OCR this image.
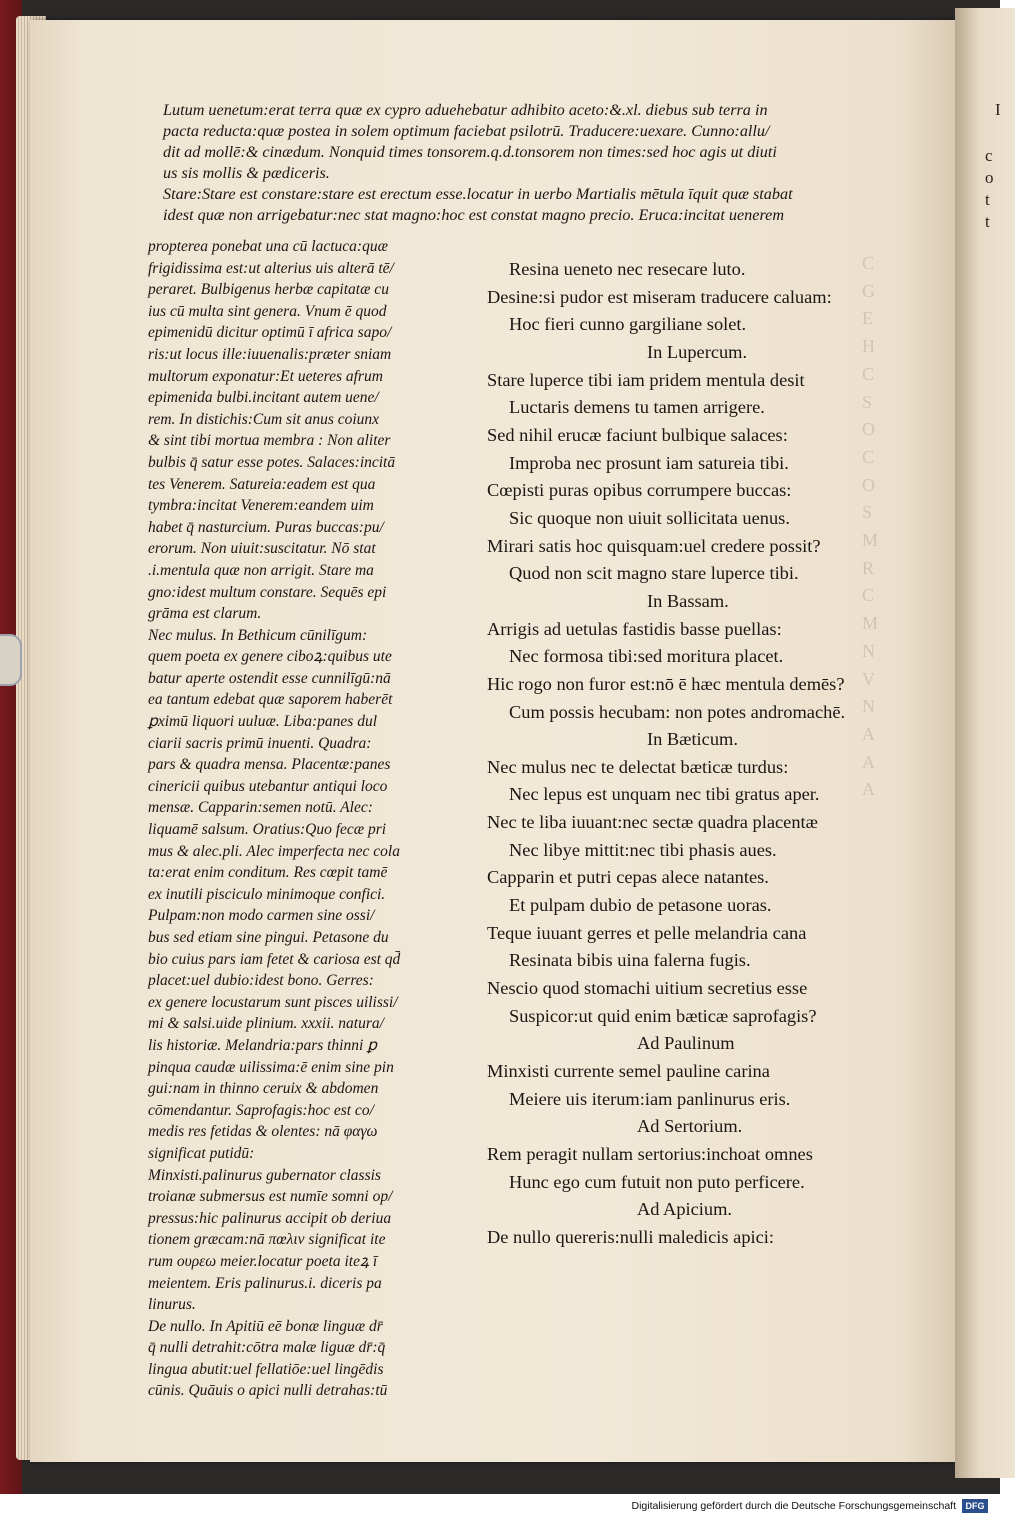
I
c
o
t
t
C
G
E
H
C
S
O
C
O
S
M
R
C
M
N
V
N
A
A
A
Lutum uenetum:erat terra quæ ex cypro aduehebatur adhibito aceto:&.xl. diebus sub terra in
pacta reducta:quæ postea in solem optimum faciebat psilotrū. Traducere:uexare. Cunno:allu/
dit ad mollē:& cinædum. Nonquid times tonsorem.q.d.tonsorem non times:sed hoc agis ut diuti
us sis mollis & pædiceris.
Stare:Stare est constare:stare est erectum esse.locatur in uerbo Martialis mētula īquit quæ stabat
idest quæ non arrigebatur:nec stat magno:hoc est constat magno precio. Eruca:incitat uenerem
propterea ponebat una cū lactuca:quæ
frigidissima est:ut alterius uis alterā tē/
peraret. Bulbigenus herbæ capitatæ cu
ius cū multa sint genera. Vnum ē quod
epimenidū dicitur optimū ī africa sapo/
ris:ut locus ille:iuuenalis:præter sniam
multorum exponatur:Et ueteres afrum
epimenida bulbi.incitant autem uene/
rem. In distichis:Cum sit anus coiunx
& sint tibi mortua membra : Non aliter
bulbis q̄ satur esse potes. Salaces:incitā
tes Venerem. Satureia:eadem est qua
tymbra:incitat Venerem:eandem uim
habet q̄ nasturcium. Puras buccas:pu/
erorum. Non uiuit:suscitatur. Nō stat
.i.mentula quæ non arrigit. Stare ma
gno:idest multum constare. Sequēs epi
grāma est clarum.
Nec mulus. In Bethicum cūnilīgum:
quem poeta ex genere ciboꝝ:quibus ute
batur aperte ostendit esse cunnilīgū:nā
ea tantum edebat quæ saporem haberēt
ꝑximū liquori uuluæ. Liba:panes dul
ciarii sacris primū inuenti. Quadra:
pars & quadra mensa. Placentæ:panes
cinericii quibus utebantur antiqui loco
mensæ. Capparin:semen notū. Alec:
liquamē salsum. Oratius:Quo fecæ pri
mus & alec.pli. Alec imperfecta nec cola
ta:erat enim conditum. Res cœpit tamē
ex inutili pisciculo minimoque confici.
Pulpam:non modo carmen sine ossi/
bus sed etiam sine pingui. Petasone du
bio cuius pars iam fetet & cariosa est qd̄
placet:uel dubio:idest bono. Gerres:
ex genere locustarum sunt pisces uilissi/
mi & salsi.uide plinium. xxxii. natura/
lis historiæ. Melandria:pars thinni ꝑ
pinqua caudæ uilissima:ē enim sine pin
gui:nam in thinno ceruix & abdomen
cōmendantur. Saprofagis:hoc est co/
medis res fetidas & olentes: nā φαγω
significat putidū:
Minxisti.palinurus gubernator classis
troianæ submersus est numīe somni op/
pressus:hic palinurus accipit ob deriua
tionem græcam:nā πœλιν significat ite
rum ουρεω meier.locatur poeta iteꝝ ī
meientem. Eris palinurus.i. diceris pa
linurus.
De nullo. In Apitiū eē bonæ linguæ dr̄
q̄ nulli detrahit:cōtra malæ liguæ dr̄:q̄
lingua abutit:uel fellatiōe:uel lingēdis
cūnis. Quāuis o apici nulli detrahas:tū
Resina ueneto nec resecare luto.
Desine:si pudor est miseram traducere caluam:
Hoc fieri cunno gargiliane solet.
In Lupercum.
Stare luperce tibi iam pridem mentula desit
Luctaris demens tu tamen arrigere.
Sed nihil erucæ faciunt bulbique salaces:
Improba nec prosunt iam satureia tibi.
Cœpisti puras opibus corrumpere buccas:
Sic quoque non uiuit sollicitata uenus.
Mirari satis hoc quisquam:uel credere possit?
Quod non scit magno stare luperce tibi.
In Bassam.
Arrigis ad uetulas fastidis basse puellas:
Nec formosa tibi:sed moritura placet.
Hic rogo non furor est:nō ē hæc mentula demēs?
Cum possis hecubam: non potes andromachē.
In Bæticum.
Nec mulus nec te delectat bæticæ turdus:
Nec lepus est unquam nec tibi gratus aper.
Nec te liba iuuant:nec sectæ quadra placentæ
Nec libye mittit:nec tibi phasis aues.
Capparin et putri cepas alece natantes.
Et pulpam dubio de petasone uoras.
Teque iuuant gerres et pelle melandria cana
Resinata bibis uina falerna fugis.
Nescio quod stomachi uitium secretius esse
Suspicor:ut quid enim bæticæ saprofagis?
Ad Paulinum
Minxisti currente semel pauline carina
Meiere uis iterum:iam panlinurus eris.
Ad Sertorium.
Rem peragit nullam sertorius:inchoat omnes
Hunc ego cum futuit non puto perficere.
Ad Apicium.
De nullo quereris:nulli maledicis apici:
Digitalisierung gefördert durch die Deutsche Forschungsgemeinschaft	DFG
